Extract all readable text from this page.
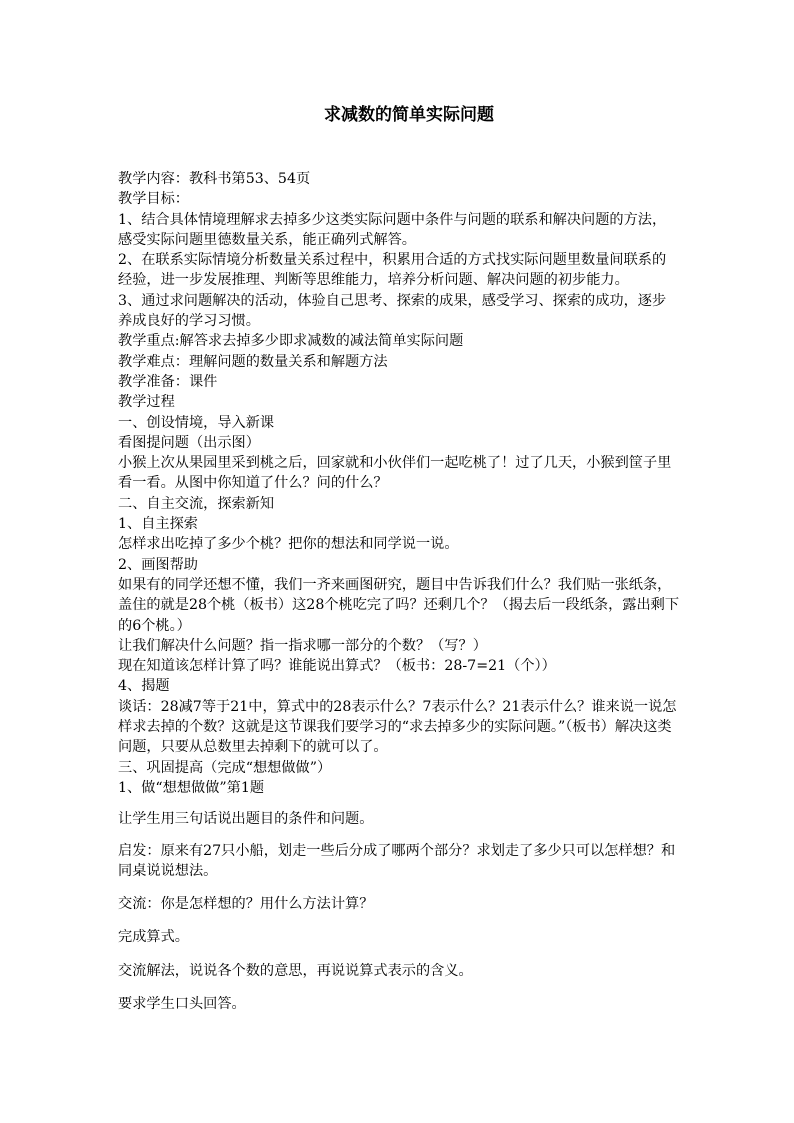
求减数的简单实际问题

教学内容：教科书第53、54页

教学目标：

1、结合具体情境理解求去掉多少这类实际问题中条件与问题的联系和解决问题的方法，感受实际问题里德数量关系，能正确列式解答。

2、在联系实际情境分析数量关系过程中，积累用合适的方式找实际问题里数量间联系的经验，进一步发展推理、判断等思维能力，培养分析问题、解决问题的初步能力。

3、通过求问题解决的活动，体验自己思考、探索的成果，感受学习、探索的成功，逐步养成良好的学习习惯。

教学重点:解答求去掉多少即求减数的减法简单实际问题

教学难点：理解问题的数量关系和解题方法

教学准备：课件

教学过程

一、创设情境，导入新课

看图提问题（出示图）

小猴上次从果园里采到桃之后，回家就和小伙伴们一起吃桃了！过了几天，小猴到筐子里看一看。从图中你知道了什么？问的什么？

二、自主交流，探索新知

1、自主探索

怎样求出吃掉了多少个桃？把你的想法和同学说一说。

2、画图帮助

如果有的同学还想不懂，我们一齐来画图研究，题目中告诉我们什么？我们贴一张纸条，盖住的就是28个桃（板书）这28个桃吃完了吗？还剩几个？（揭去后一段纸条，露出剩下的6个桃。）

让我们解决什么问题？指一指求哪一部分的个数？（写？）

现在知道该怎样计算了吗？谁能说出算式？（板书：28-7=21（个））

4、揭题

谈话：28减7等于21中，算式中的28表示什么？7表示什么？21表示什么？谁来说一说怎样求去掉的个数？这就是这节课我们要学习的“求去掉多少的实际问题。”（板书）解决这类问题，只要从总数里去掉剩下的就可以了。

三、巩固提高（完成“想想做做”）

1、做“想想做做”第1题

让学生用三句话说出题目的条件和问题。

启发：原来有27只小船，划走一些后分成了哪两个部分？求划走了多少只可以怎样想？和同桌说说想法。

交流：你是怎样想的？用什么方法计算？

完成算式。

交流解法，说说各个数的意思，再说说算式表示的含义。

要求学生口头回答。
